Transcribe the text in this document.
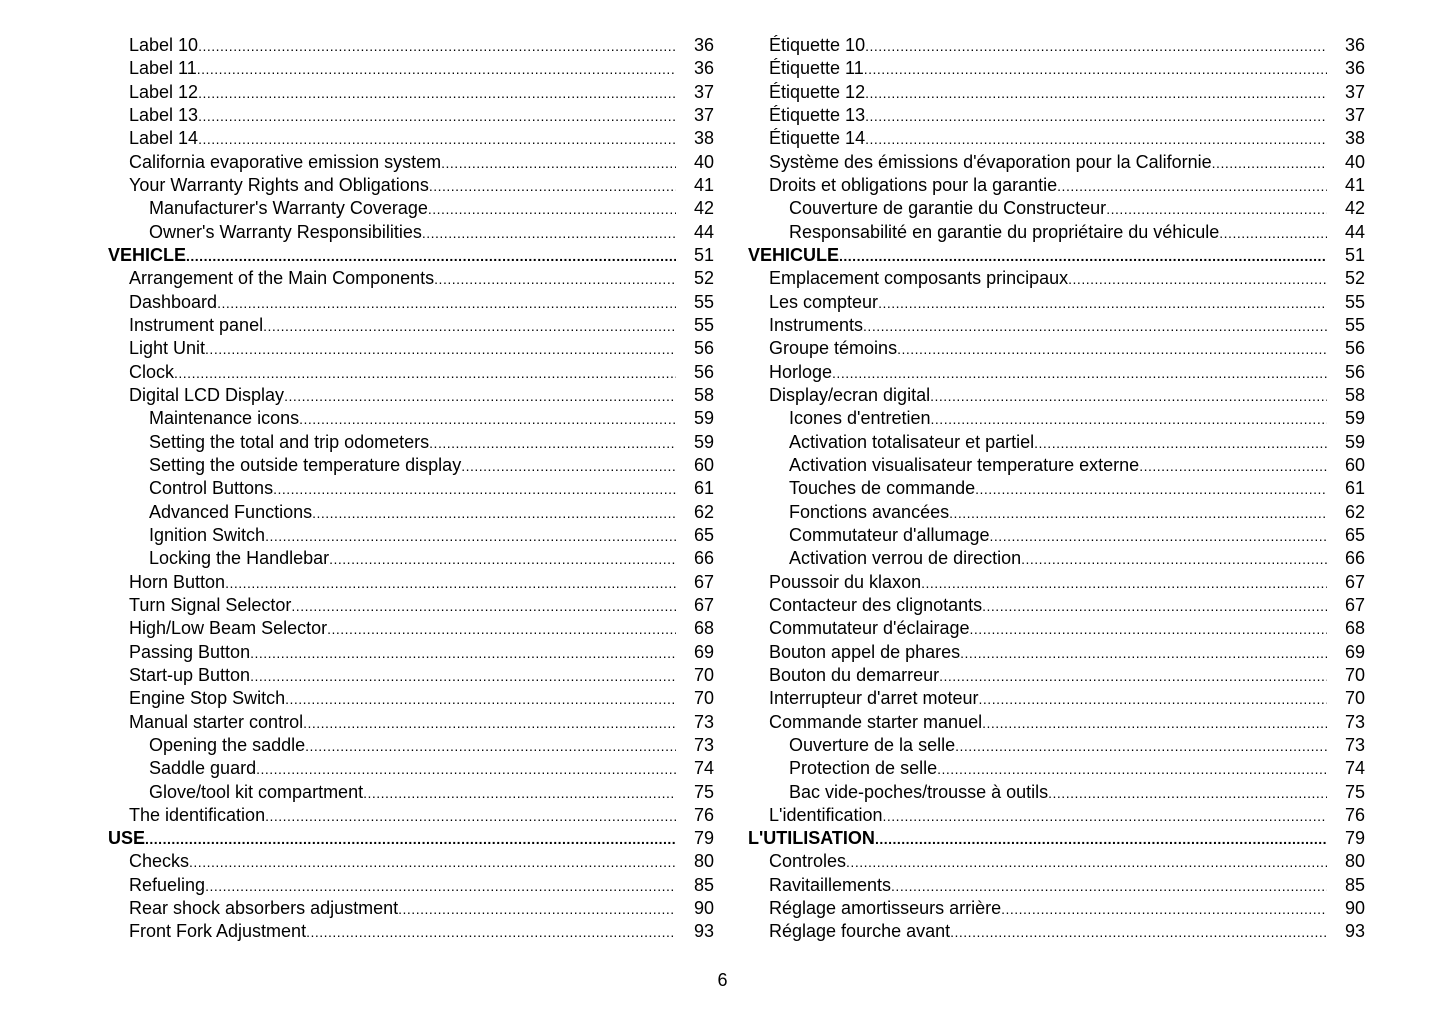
Label 10 .....	36
Label 11 .....	36
Label 12 .....	37
Label 13 .....	37
Label 14 .....	38
California evaporative emission system .....	40
Your Warranty Rights and Obligations .....	41
Manufacturer's Warranty Coverage .....	42
Owner's Warranty Responsibilities .....	44
VEHICLE .....	51
Arrangement of the Main Components .....	52
Dashboard .....	55
Instrument panel .....	55
Light Unit .....	56
Clock .....	56
Digital LCD Display .....	58
Maintenance icons .....	59
Setting the total and trip odometers .....	59
Setting the outside temperature display .....	60
Control Buttons .....	61
Advanced Functions .....	62
Ignition Switch .....	65
Locking the Handlebar .....	66
Horn Button .....	67
Turn Signal Selector .....	67
High/Low Beam Selector .....	68
Passing Button .....	69
Start-up Button .....	70
Engine Stop Switch .....	70
Manual starter control .....	73
Opening the saddle .....	73
Saddle guard .....	74
Glove/tool kit compartment .....	75
The identification .....	76
USE .....	79
Checks .....	80
Refueling .....	85
Rear shock absorbers adjustment .....	90
Front Fork Adjustment .....	93
Étiquette 10 .....	36
Étiquette 11 .....	36
Étiquette 12 .....	37
Étiquette 13 .....	37
Étiquette 14 .....	38
Système des émissions d'évaporation pour la Californie .....	40
Droits et obligations pour la garantie .....	41
Couverture de garantie du Constructeur .....	42
Responsabilité en garantie du propriétaire du véhicule .....	44
VEHICULE .....	51
Emplacement composants principaux .....	52
Les compteur .....	55
Instruments .....	55
Groupe témoins .....	56
Horloge .....	56
Display/ecran digital .....	58
Icones d'entretien .....	59
Activation totalisateur et partiel .....	59
Activation visualisateur temperature externe .....	60
Touches de commande .....	61
Fonctions avancées .....	62
Commutateur d'allumage .....	65
Activation verrou de direction .....	66
Poussoir du klaxon .....	67
Contacteur des clignotants .....	67
Commutateur d'éclairage .....	68
Bouton appel de phares .....	69
Bouton du demarreur .....	70
Interrupteur d'arret moteur .....	70
Commande starter manuel .....	73
Ouverture de la selle .....	73
Protection de selle .....	74
Bac vide-poches/trousse à outils .....	75
L'identification .....	76
L'UTILISATION .....	79
Controles .....	80
Ravitaillements .....	85
Réglage amortisseurs arrière .....	90
Réglage fourche avant .....	93
6
